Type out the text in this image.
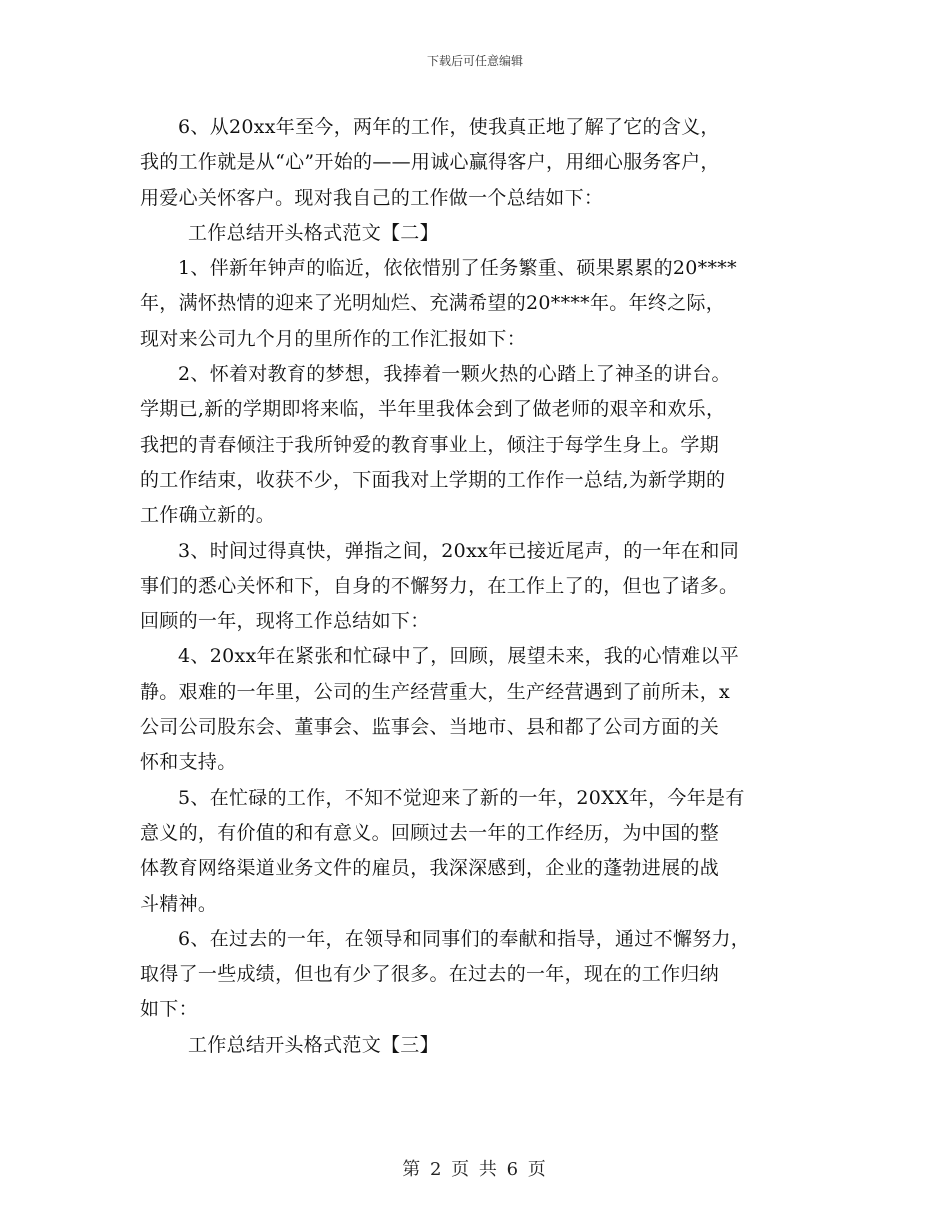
下载后可任意编辑
6、从20xx年至今，两年的工作，使我真正地了解了它的含义，
我的工作就是从“心”开始的——用诚心赢得客户，用细心服务客户，
用爱心关怀客户。现对我自己的工作做一个总结如下：

工作总结开头格式范文【二】

1、伴新年钟声的临近，依依惜别了任务繁重、硕果累累的20****
年，满怀热情的迎来了光明灿烂、充满希望的20****年。年终之际，
现对来公司九个月的里所作的工作汇报如下：
2、怀着对教育的梦想，我捧着一颗火热的心踏上了神圣的讲台。
学期已,新的学期即将来临，半年里我体会到了做老师的艰辛和欢乐，
我把的青春倾注于我所钟爱的教育事业上，倾注于每学生身上。学期
的工作结束，收获不少，下面我对上学期的工作作一总结,为新学期的
工作确立新的。
3、时间过得真快，弹指之间，20xx年已接近尾声，的一年在和同
事们的悉心关怀和下，自身的不懈努力，在工作上了的，但也了诸多。
回顾的一年，现将工作总结如下：
4、20xx年在紧张和忙碌中了，回顾，展望未来，我的心情难以平
静。艰难的一年里，公司的生产经营重大，生产经营遇到了前所未，x
公司公司股东会、董事会、监事会、当地市、县和都了公司方面的关
怀和支持。
5、在忙碌的工作，不知不觉迎来了新的一年，20XX年，今年是有
意义的，有价值的和有意义。回顾过去一年的工作经历，为中国的整
体教育网络渠道业务文件的雇员，我深深感到，企业的蓬勃进展的战
斗精神。
6、在过去的一年，在领导和同事们的奉献和指导，通过不懈努力，
取得了一些成绩，但也有少了很多。在过去的一年，现在的工作归纳
如下：

工作总结开头格式范文【三】

第 2 页 共 6 页
